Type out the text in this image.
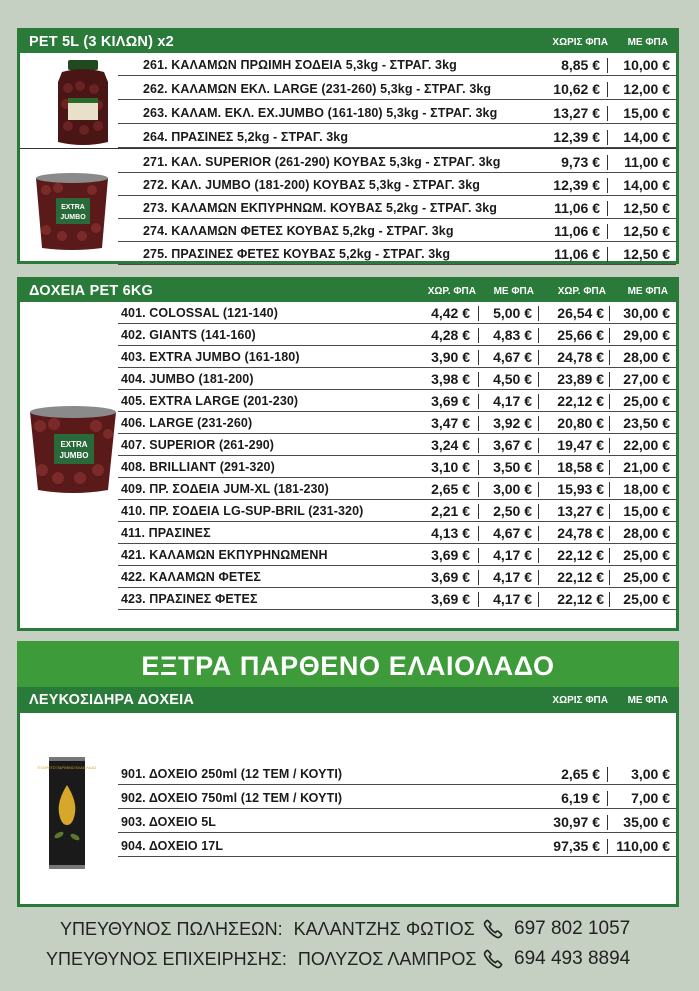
PET 5L (3 ΚΙΛΩΝ) x2	ΧΩΡΙΣ ΦΠΑ	ΜΕ ΦΠΑ
EXTRA
JUMBO
261. ΚΑΛΑΜΩΝ ΠΡΩΙΜΗ ΣΟΔΕΙΑ 5,3kg - ΣΤΡΑΓ. 3kg	8,85 €	10,00 €
262. ΚΑΛΑΜΩΝ ΕΚΛ. LARGE (231-260) 5,3kg - ΣΤΡΑΓ. 3kg	10,62 €	12,00 €
263. ΚΑΛΑΜ. ΕΚΛ. ΕΧ.JUMBO (161-180) 5,3kg - ΣΤΡΑΓ. 3kg	13,27 €	15,00 €
264. ΠΡΑΣΙΝΕΣ 5,2kg - ΣΤΡΑΓ. 3kg	12,39 €	14,00 €
271. ΚΑΛ. SUPERIOR (261-290) ΚΟΥΒΑΣ 5,3kg - ΣΤΡΑΓ. 3kg	9,73 €	11,00 €
272. ΚΑΛ. JUMBO (181-200) ΚΟΥΒΑΣ 5,3kg - ΣΤΡΑΓ. 3kg	12,39 €	14,00 €
273. ΚΑΛΑΜΩΝ ΕΚΠΥΡΗΝΩΜ. ΚΟΥΒΑΣ 5,2kg - ΣΤΡΑΓ. 3kg	11,06 €	12,50 €
274. ΚΑΛΑΜΩΝ ΦΕΤΕΣ ΚΟΥΒΑΣ 5,2kg - ΣΤΡΑΓ. 3kg	11,06 €	12,50 €
275. ΠΡΑΣΙΝΕΣ ΦΕΤΕΣ ΚΟΥΒΑΣ 5,2kg - ΣΤΡΑΓ. 3kg	11,06 €	12,50 €
ΔΟΧΕΙΑ PET 6KG	ΧΩΡ. ΦΠΑ	ΜΕ ΦΠΑ	ΧΩΡ. ΦΠΑ	ΜΕ ΦΠΑ
EXTRA
JUMBO
401. COLOSSAL (121-140)	4,42 €	5,00 €	26,54 €	30,00 €
402. GIANTS (141-160)	4,28 €	4,83 €	25,66 €	29,00 €
403. EXTRA JUMBO (161-180)	3,90 €	4,67 €	24,78 €	28,00 €
404. JUMBO (181-200)	3,98 €	4,50 €	23,89 €	27,00 €
405. EXTRA LARGE (201-230)	3,69 €	4,17 €	22,12 €	25,00 €
406. LARGE (231-260)	3,47 €	3,92 €	20,80 €	23,50 €
407. SUPERIOR (261-290)	3,24 €	3,67 €	19,47 €	22,00 €
408. BRILLIANT (291-320)	3,10 €	3,50 €	18,58 €	21,00 €
409. ΠΡ. ΣΟΔΕΙΑ JUM-XL (181-230)	2,65 €	3,00 €	15,93 €	18,00 €
410. ΠΡ. ΣΟΔΕΙΑ LG-SUP-BRIL (231-320)	2,21 €	2,50 €	13,27 €	15,00 €
411. ΠΡΑΣΙΝΕΣ	4,13 €	4,67 €	24,78 €	28,00 €
421. ΚΑΛΑΜΩΝ ΕΚΠΥΡΗΝΩΜΕΝΗ	3,69 €	4,17 €	22,12 €	25,00 €
422. ΚΑΛΑΜΩΝ ΦΕΤΕΣ	3,69 €	4,17 €	22,12 €	25,00 €
423. ΠΡΑΣΙΝΕΣ ΦΕΤΕΣ	3,69 €	4,17 €	22,12 €	25,00 €
ΕΞΤΡΑ ΠΑΡΘΕΝΟ ΕΛΑΙΟΛΑΔΟ
ΛΕΥΚΟΣΙΔΗΡΑ ΔΟΧΕΙΑ	ΧΩΡΙΣ ΦΠΑ	ΜΕ ΦΠΑ
ΕΞΑΙΡΕΤΟ ΠΑΡΘΕΝΟ ΕΛΑΙΟΛΑΔΟ 901. ΔΟΧΕΙΟ 250ml (12 ΤΕΜ / ΚΟΥΤΙ)	2,65 €	3,00 €
902. ΔΟΧΕΙΟ 750ml (12 ΤΕΜ / ΚΟΥΤΙ)	6,19 €	7,00 €
903. ΔΟΧΕΙΟ 5L	30,97 €	35,00 €
904. ΔΟΧΕΙΟ 17L	97,35 €	110,00 €
ΥΠΕΥΘΥΝΟΣ ΠΩΛΗΣΕΩΝ: ΚΑΛΑΝΤΖΗΣ ΦΩΤΙΟΣ 697 802 1057
ΥΠΕΥΘΥΝΟΣ ΕΠΙΧΕΙΡΗΣΗΣ: ΠΟΛΥΖΟΣ ΛΑΜΠΡΟΣ 694 493 8894
